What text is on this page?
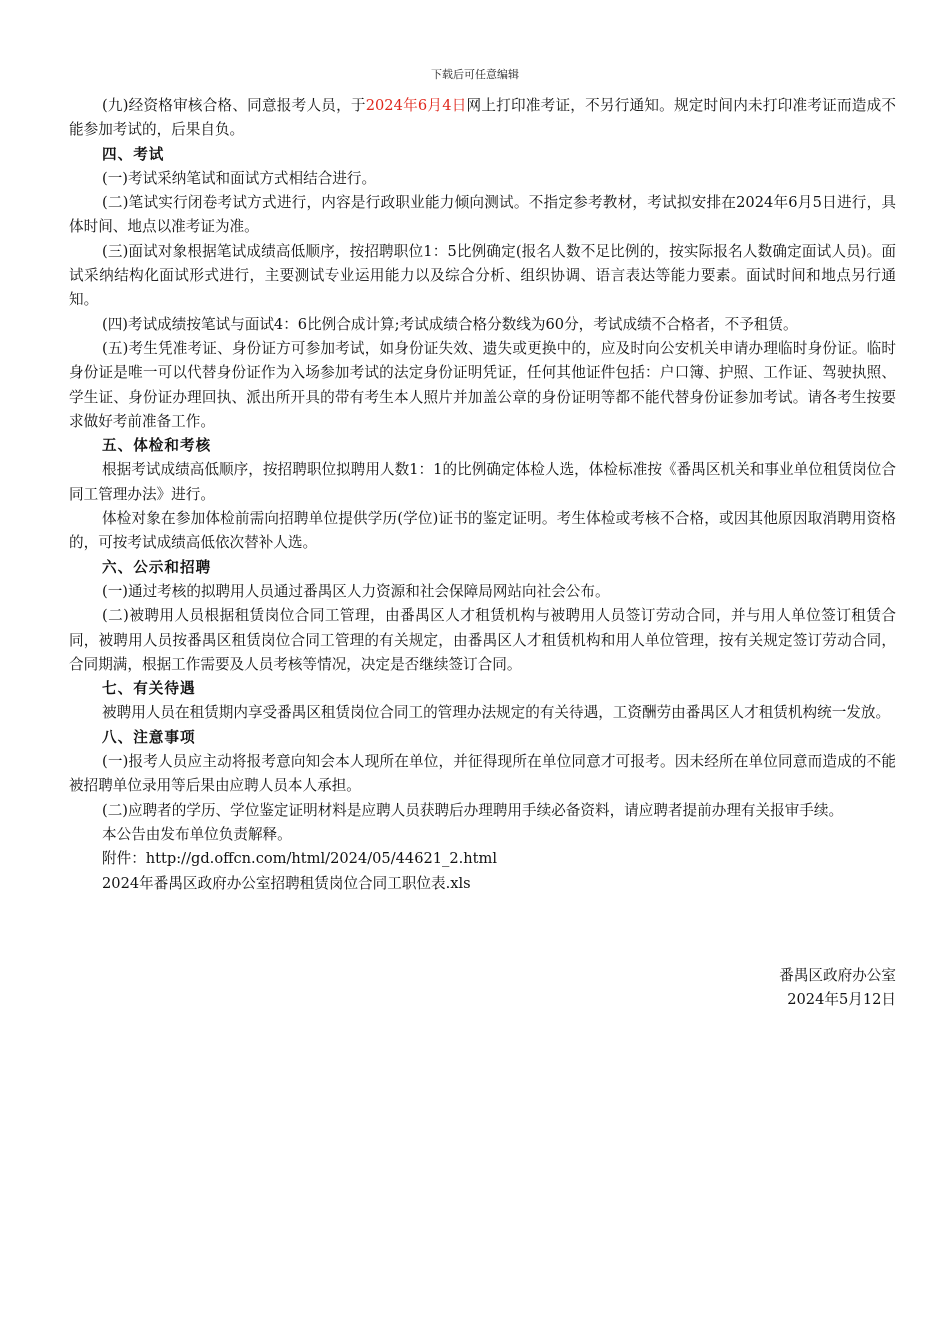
下载后可任意编辑

(九)经资格审核合格、同意报考人员，于2024年6月4日网上打印准考证，不另行通知。规定时间内未打印准考证而造成不能参加考试的，后果自负。

四、考试

(一)考试采纳笔试和面试方式相结合进行。

(二)笔试实行闭卷考试方式进行，内容是行政职业能力倾向测试。不指定参考教材，考试拟安排在2024年6月5日进行，具体时间、地点以准考证为准。

(三)面试对象根据笔试成绩高低顺序，按招聘职位1：5比例确定(报名人数不足比例的，按实际报名人数确定面试人员)。面试采纳结构化面试形式进行，主要测试专业运用能力以及综合分析、组织协调、语言表达等能力要素。面试时间和地点另行通知。

(四)考试成绩按笔试与面试4：6比例合成计算;考试成绩合格分数线为60分，考试成绩不合格者，不予租赁。

(五)考生凭准考证、身份证方可参加考试，如身份证失效、遗失或更换中的，应及时向公安机关申请办理临时身份证。临时身份证是唯一可以代替身份证作为入场参加考试的法定身份证明凭证，任何其他证件包括：户口簿、护照、工作证、驾驶执照、学生证、身份证办理回执、派出所开具的带有考生本人照片并加盖公章的身份证明等都不能代替身份证参加考试。请各考生按要求做好考前准备工作。

五、体检和考核

根据考试成绩高低顺序，按招聘职位拟聘用人数1：1的比例确定体检人选，体检标准按《番禺区机关和事业单位租赁岗位合同工管理办法》进行。

体检对象在参加体检前需向招聘单位提供学历(学位)证书的鉴定证明。考生体检或考核不合格，或因其他原因取消聘用资格的，可按考试成绩高低依次替补人选。

六、公示和招聘

(一)通过考核的拟聘用人员通过番禺区人力资源和社会保障局网站向社会公布。

(二)被聘用人员根据租赁岗位合同工管理，由番禺区人才租赁机构与被聘用人员签订劳动合同，并与用人单位签订租赁合同，被聘用人员按番禺区租赁岗位合同工管理的有关规定，由番禺区人才租赁机构和用人单位管理，按有关规定签订劳动合同，合同期满，根据工作需要及人员考核等情况，决定是否继续签订合同。

七、有关待遇

被聘用人员在租赁期内享受番禺区租赁岗位合同工的管理办法规定的有关待遇，工资酬劳由番禺区人才租赁机构统一发放。

八、注意事项

(一)报考人员应主动将报考意向知会本人现所在单位，并征得现所在单位同意才可报考。因未经所在单位同意而造成的不能被招聘单位录用等后果由应聘人员本人承担。

(二)应聘者的学历、学位鉴定证明材料是应聘人员获聘后办理聘用手续必备资料，请应聘者提前办理有关报审手续。

本公告由发布单位负责解释。

附件：http://gd.offcn.com/html/2024/05/44621_2.html

2024年番禺区政府办公室招聘租赁岗位合同工职位表.xls

番禺区政府办公室
2024年5月12日
